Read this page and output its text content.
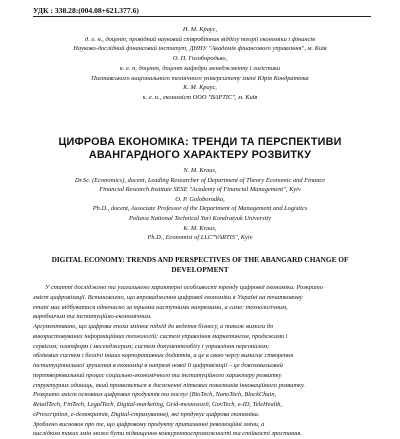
УДК : 338.28:(004.08+621.377.6)
Н. М. Краус,
д. е. н., доцент, провідний науковий співробітник відділу теорії економіки і фінансів
Науково-дослідний фінансовий інститут, ДННУ "Академія фінансового управління", м. Київ
О. П. Голобородько,
к. е. н, доцент, доцент кафедри менеджменту і логістики
Полтавського національного технічного університету імені Юрія Кондратюка
К. М. Краус,
к. е. н., економіст ООО "ВАРТІС", м. Київ
ЦИФРОВА ЕКОНОМІКА: ТРЕНДИ ТА ПЕРСПЕКТИВИ
АВАНГАРДНОГО ХАРАКТЕРУ РОЗВИТКУ
N. M. Kraus,
Dr.Sc. (Economics), docent, Leading Researcher of Department of Theory Economic and Finance
Financial Research Institute SESE "Academy of Financial Management", Kyiv
O. P. Goloborodko,
Ph.D., docent, Associate Professor of the Department of Management and Logistics
Poltava National Technical Yuri Kondratyuk University
K. M. Kraus,
Ph.D., Economist of LLC"VARTIS", Kyiv
DIGITAL ECONOMY: TRENDS AND PERSPECTIVES OF THE ABANGARD CHANGE OF
DEVELOPMENT
У статті досліджено та узагальнено характерні особливості тренду цифрової економіки. Розкрито
зміст цифровізації. Встановлено, що впровадження цифрової економіки в Україні на початковому
етапі має відбуватися одночасно за трьома наступними напрямами, а саме: технологічним,
виробничим та інституційно-економічним.
Аргументовано, що цифрова епоха змінює підхід до ведення бізнесу, а також вимоги до
використовуваних інформаційних технологій: систем управління маркетингом, продажами і
сервісом; платформ і месенджерам; систем документообігу і управління персоналом;
облікових систем і безлічі інших корпоративних додатків, а це в свою чергу вимагає створення
інституціональної зрушення в економіці в напрямі нової її цифровізації – це довгохвильовий
перетворювальний процес соціально-економічного та інституційного характеру розвитку
структурних одиниць, який проявляється в досягненні піткових показників інноваційного розвитку.
Розкрито зміст основних цифрових продуктів та послуг (BioTech, NanoTech, BlockChain,
RetailTech, FinTech, LegalTech, Digital-marketing, Grid-технології, GovTech, e-ID, TeleHealth,
ePrescription, e-демократія, Digital-страхування), які продукує цифрова економіка.
Зроблено висновок про те, що цифровому продукту притаманні революційні зміни, а
наслідком таких змін може бути підвищення конкурентоспроможності та стійкості зростання.
